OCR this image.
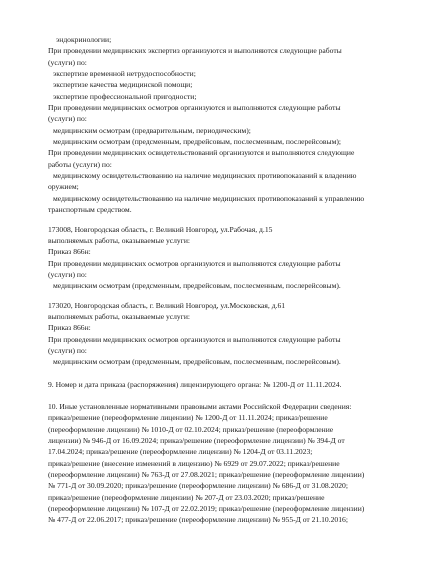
эндокринологии;
При проведении медицинских экспертиз организуются и выполняются следующие работы
(услуги) по:
экспертизе временной нетрудоспособности;
экспертизе качества медицинской помощи;
экспертизе профессиональной пригодности;
При проведении медицинских осмотров организуются и выполняются следующие работы
(услуги) по:
медицинским осмотрам (предварительным, периодическим);
медицинским осмотрам (предсменным, предрейсовым, послесменным, послерейсовым);
При проведении медицинских освидетельствований организуются и выполняются следующие
работы (услуги) по:
медицинскому освидетельствованию на наличие медицинских противопоказаний к владению
оружием;
медицинскому освидетельствованию на наличие медицинских противопоказаний к управлению
транспортным средством.
173008, Новгородская область, г. Великий Новгород, ул.Рабочая, д.15
выполняемых работы, оказываемые услуги:
Приказ 866н:
При проведении медицинских осмотров организуются и выполняются следующие работы
(услуги) по:
медицинским осмотрам (предсменным, предрейсовым, послесменным, послерейсовым).
173020, Новгородская область, г. Великий Новгород, ул.Московская, д.61
выполняемых работы, оказываемые услуги:
Приказ 866н:
При проведении медицинских осмотров организуются и выполняются следующие работы
(услуги) по:
медицинским осмотрам (предсменным, предрейсовым, послесменным, послерейсовым).
9. Номер и дата приказа (распоряжения) лицензирующего органа: № 1200-Д от 11.11.2024.
10. Иные установленные нормативными правовыми актами Российской Федерации сведения:
приказ/решение (переоформление лицензии) № 1200-Д от 11.11.2024; приказ/решение
(переоформление лицензии) № 1010-Д от 02.10.2024; приказ/решение (переоформление
лицензии) № 946-Д от 16.09.2024; приказ/решение (переоформление лицензии) № 394-Д от
17.04.2024; приказ/решение (переоформление лицензии) № 1204-Д от 03.11.2023;
приказ/решение (внесение изменений в лицензию) № 6929 от 29.07.2022; приказ/решение
(переоформление лицензии) № 763-Д от 27.08.2021; приказ/решение (переоформление лицензии)
№ 771-Д от 30.09.2020; приказ/решение (переоформление лицензии) № 686-Д от 31.08.2020;
приказ/решение (переоформление лицензии) № 207-Д от 23.03.2020; приказ/решение
(переоформление лицензии) № 107-Д от 22.02.2019; приказ/решение (переоформление лицензии)
№ 477-Д от 22.06.2017; приказ/решение (переоформление лицензии) № 955-Д от 21.10.2016;
